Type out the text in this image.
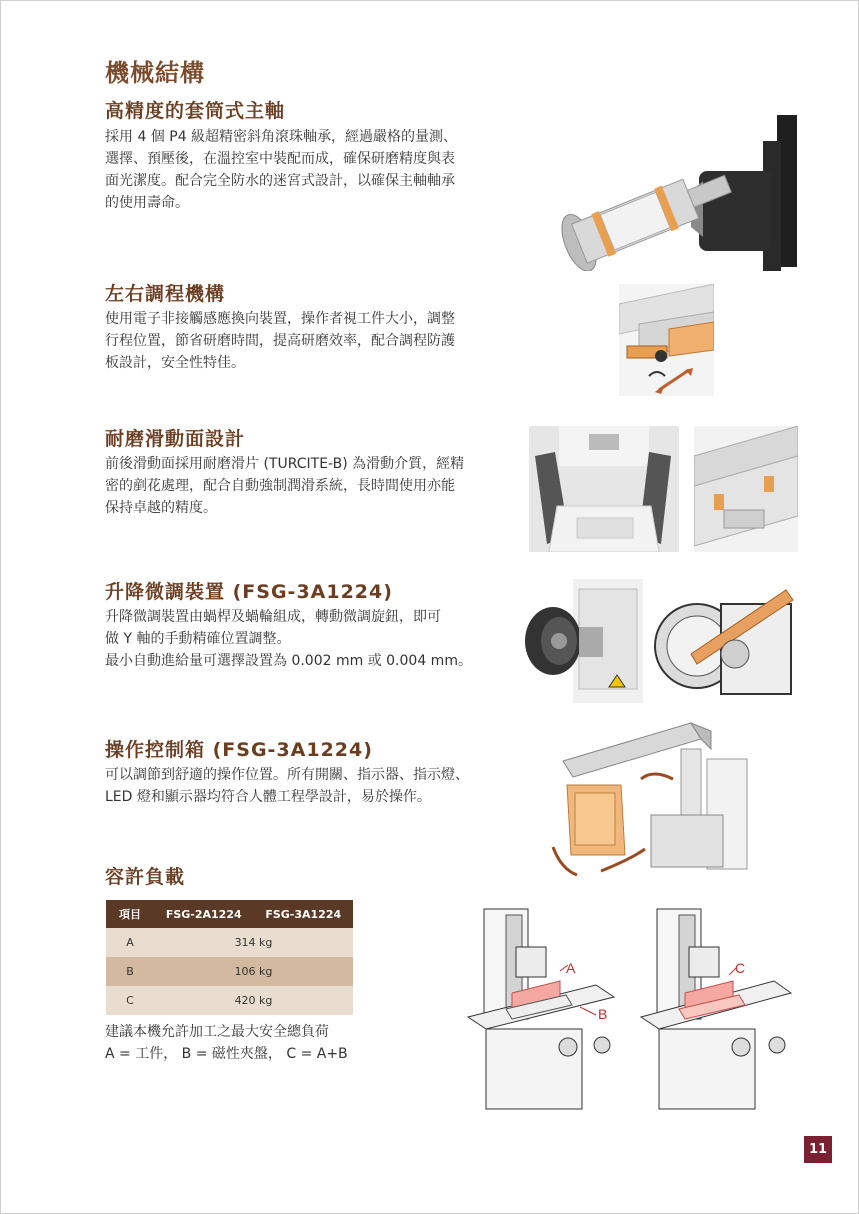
機械結構
高精度的套筒式主軸
採用 4 個 P4 級超精密斜角滾珠軸承，經過嚴格的量測、
選擇、預壓後，在溫控室中裝配而成，確保研磨精度與表
面光潔度。配合完全防水的迷宮式設計，以確保主軸軸承
的使用壽命。
左右調程機構
使用電子非接觸感應換向裝置，操作者視工件大小，調整
行程位置，節省研磨時間，提高研磨效率，配合調程防護
板設計，安全性特佳。
耐磨滑動面設計
前後滑動面採用耐磨滑片 (TURCITE-B) 為滑動介質，經精
密的剷花處理，配合自動強制潤滑系統，長時間使用亦能
保持卓越的精度。
升降微調裝置 (FSG-3A1224)
升降微調裝置由蝸桿及蝸輪組成，轉動微調旋鈕，即可
做 Y 軸的手動精確位置調整。
最小自動進給量可選擇設置為 0.002 mm 或 0.004 mm。
操作控制箱 (FSG-3A1224)
可以調節到舒適的操作位置。所有開關、指示器、指示燈、
LED 燈和顯示器均符合人體工程學設計，易於操作。
容許負載
項目	FSG-2A1224	FSG-3A1224
A	314 kg	
B	106 kg	
C	420 kg	
建議本機允許加工之最大安全總負荷
A = 工件， B = 磁性夾盤， C = A+B
A
B
C
11
